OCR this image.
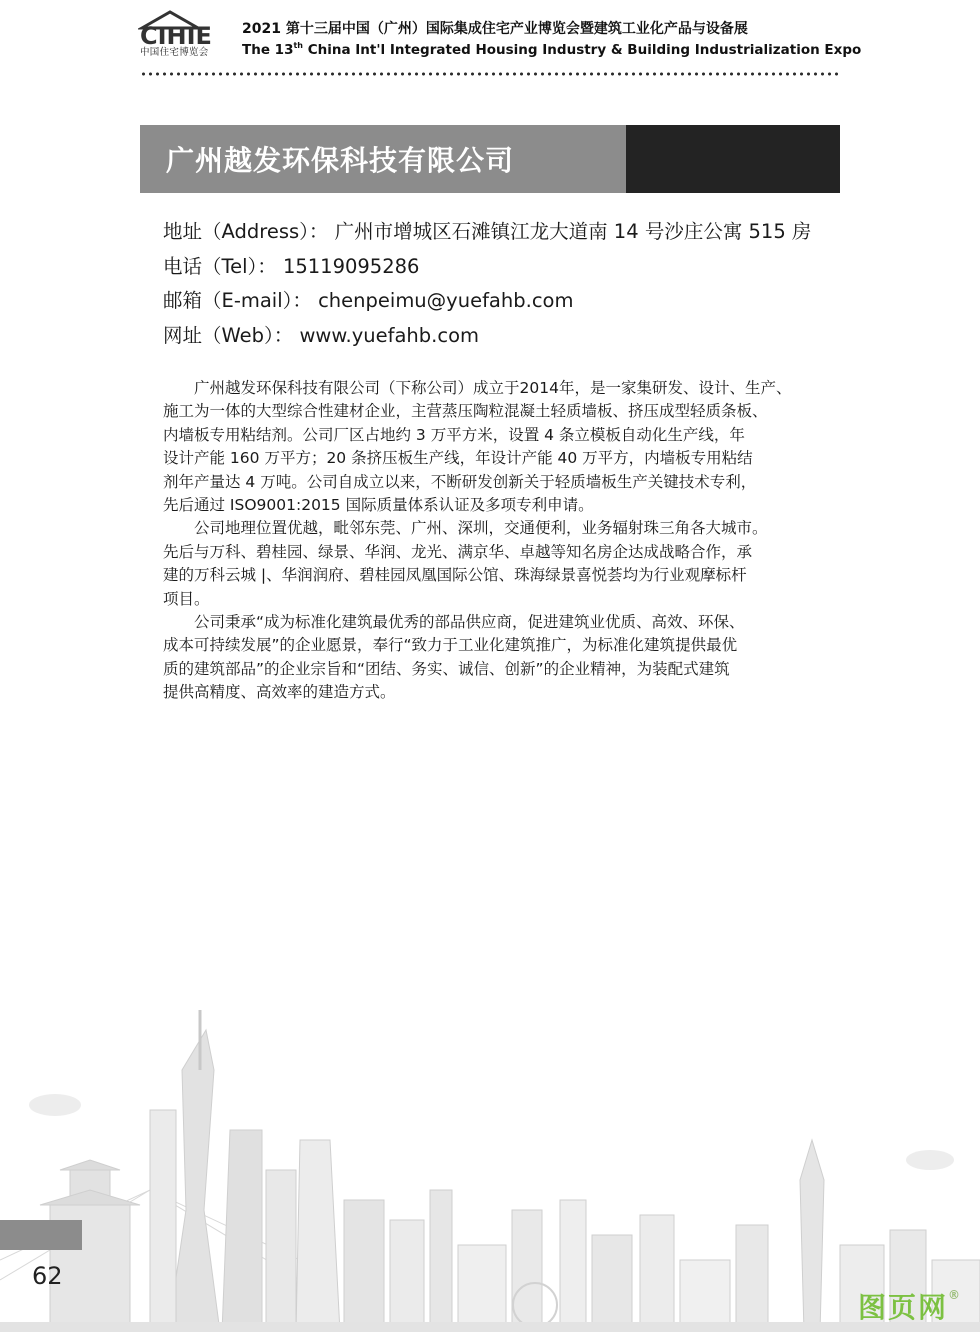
CIHIE
中国住宅博览会
2021 第十三届中国（广州）国际集成住宅产业博览会暨建筑工业化产品与设备展
The 13th China Int'l Integrated Housing Industry & Building Industrialization Expo
广州越发环保科技有限公司
地址（Address）： 广州市增城区石滩镇江龙大道南 14 号沙庄公寓 515 房
电话（Tel）： 15119095286
邮箱（E-mail）： chenpeimu@yuefahb.com
网址（Web）： www.yuefahb.com
　　广州越发环保科技有限公司（下称公司）成立于2014年，是一家集研发、设计、生产、
施工为一体的大型综合性建材企业，主营蒸压陶粒混凝土轻质墙板、挤压成型轻质条板、
内墙板专用粘结剂。公司厂区占地约 3 万平方米，设置 4 条立模板自动化生产线，年
设计产能 160 万平方；20 条挤压板生产线，年设计产能 40 万平方，内墙板专用粘结
剂年产量达 4 万吨。公司自成立以来，不断研发创新关于轻质墙板生产关键技术专利，
先后通过 ISO9001:2015 国际质量体系认证及多项专利申请。
　　公司地理位置优越，毗邻东莞、广州、深圳，交通便利，业务辐射珠三角各大城市。
先后与万科、碧桂园、绿景、华润、龙光、满京华、卓越等知名房企达成战略合作，承
建的万科云城 |、华润润府、碧桂园凤凰国际公馆、珠海绿景喜悦荟均为行业观摩标杆
项目。
　　公司秉承“成为标准化建筑最优秀的部品供应商，促进建筑业优质、高效、环保、
成本可持续发展”的企业愿景，奉行“致力于工业化建筑推广，为标准化建筑提供最优
质的建筑部品”的企业宗旨和“团结、务实、诚信、创新”的企业精神，为装配式建筑
提供高精度、高效率的建造方式。
62
图页网®
